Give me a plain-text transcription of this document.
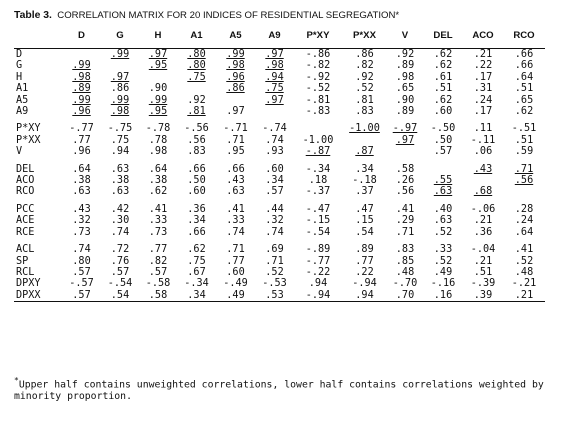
Table 3. CORRELATION MATRIX FOR 20 INDICES OF RESIDENTIAL SEGREGATION*
	D	G	H	A1	A5	A9	P*XY	P*XX	V	DEL	ACO	RCO
D		.99	.97	.80	.99	.97	-.86	.86	.92	.62	.21	.66
G	.99		.95	.80	.98	.98	-.82	.82	.89	.62	.22	.66
H	.98	.97		.75	.96	.94	-.92	.92	.98	.61	.17	.64
A1	.89	.86	.90		.86	.75	-.52	.52	.65	.51	.31	.51
A5	.99	.99	.99	.92		.97	-.81	.81	.90	.62	.24	.65
A9	.96	.98	.95	.81	.97		-.83	.83	.89	.60	.17	.62

P*XY	-.77	-.75	-.78	-.56	-.71	-.74		-1.00	-.97	-.50	.11	-.51
P*XX	.77	.75	.78	.56	.71	.74	-1.00		.97	.50	-.11	.51
V	.96	.94	.98	.83	.95	.93	-.87	.87		.57	.06	.59

DEL	.64	.63	.64	.66	.66	.60	-.34	.34	.58		.43	.71
ACO	.38	.38	.38	.50	.43	.34	.18	-.18	.26	.55		.56
RCO	.63	.63	.62	.60	.63	.57	-.37	.37	.56	.63	.68	

PCC	.43	.42	.41	.36	.41	.44	-.47	.47	.41	.40	-.06	.28
ACE	.32	.30	.33	.34	.33	.32	-.15	.15	.29	.63	.21	.24
RCE	.73	.74	.73	.66	.74	.74	-.54	.54	.71	.52	.36	.64

ACL	.74	.72	.77	.62	.71	.69	-.89	.89	.83	.33	-.04	.41
SP	.80	.76	.82	.75	.77	.71	-.77	.77	.85	.52	.21	.52
RCL	.57	.57	.57	.67	.60	.52	-.22	.22	.48	.49	.51	.48
DPXY	-.57	-.54	-.58	-.34	-.49	-.53	.94	-.94	-.70	-.16	-.39	-.21
DPXX	.57	.54	.58	.34	.49	.53	-.94	.94	.70	.16	.39	.21
*Upper half contains unweighted correlations, lower half contains correlations weighted by minority proportion.
